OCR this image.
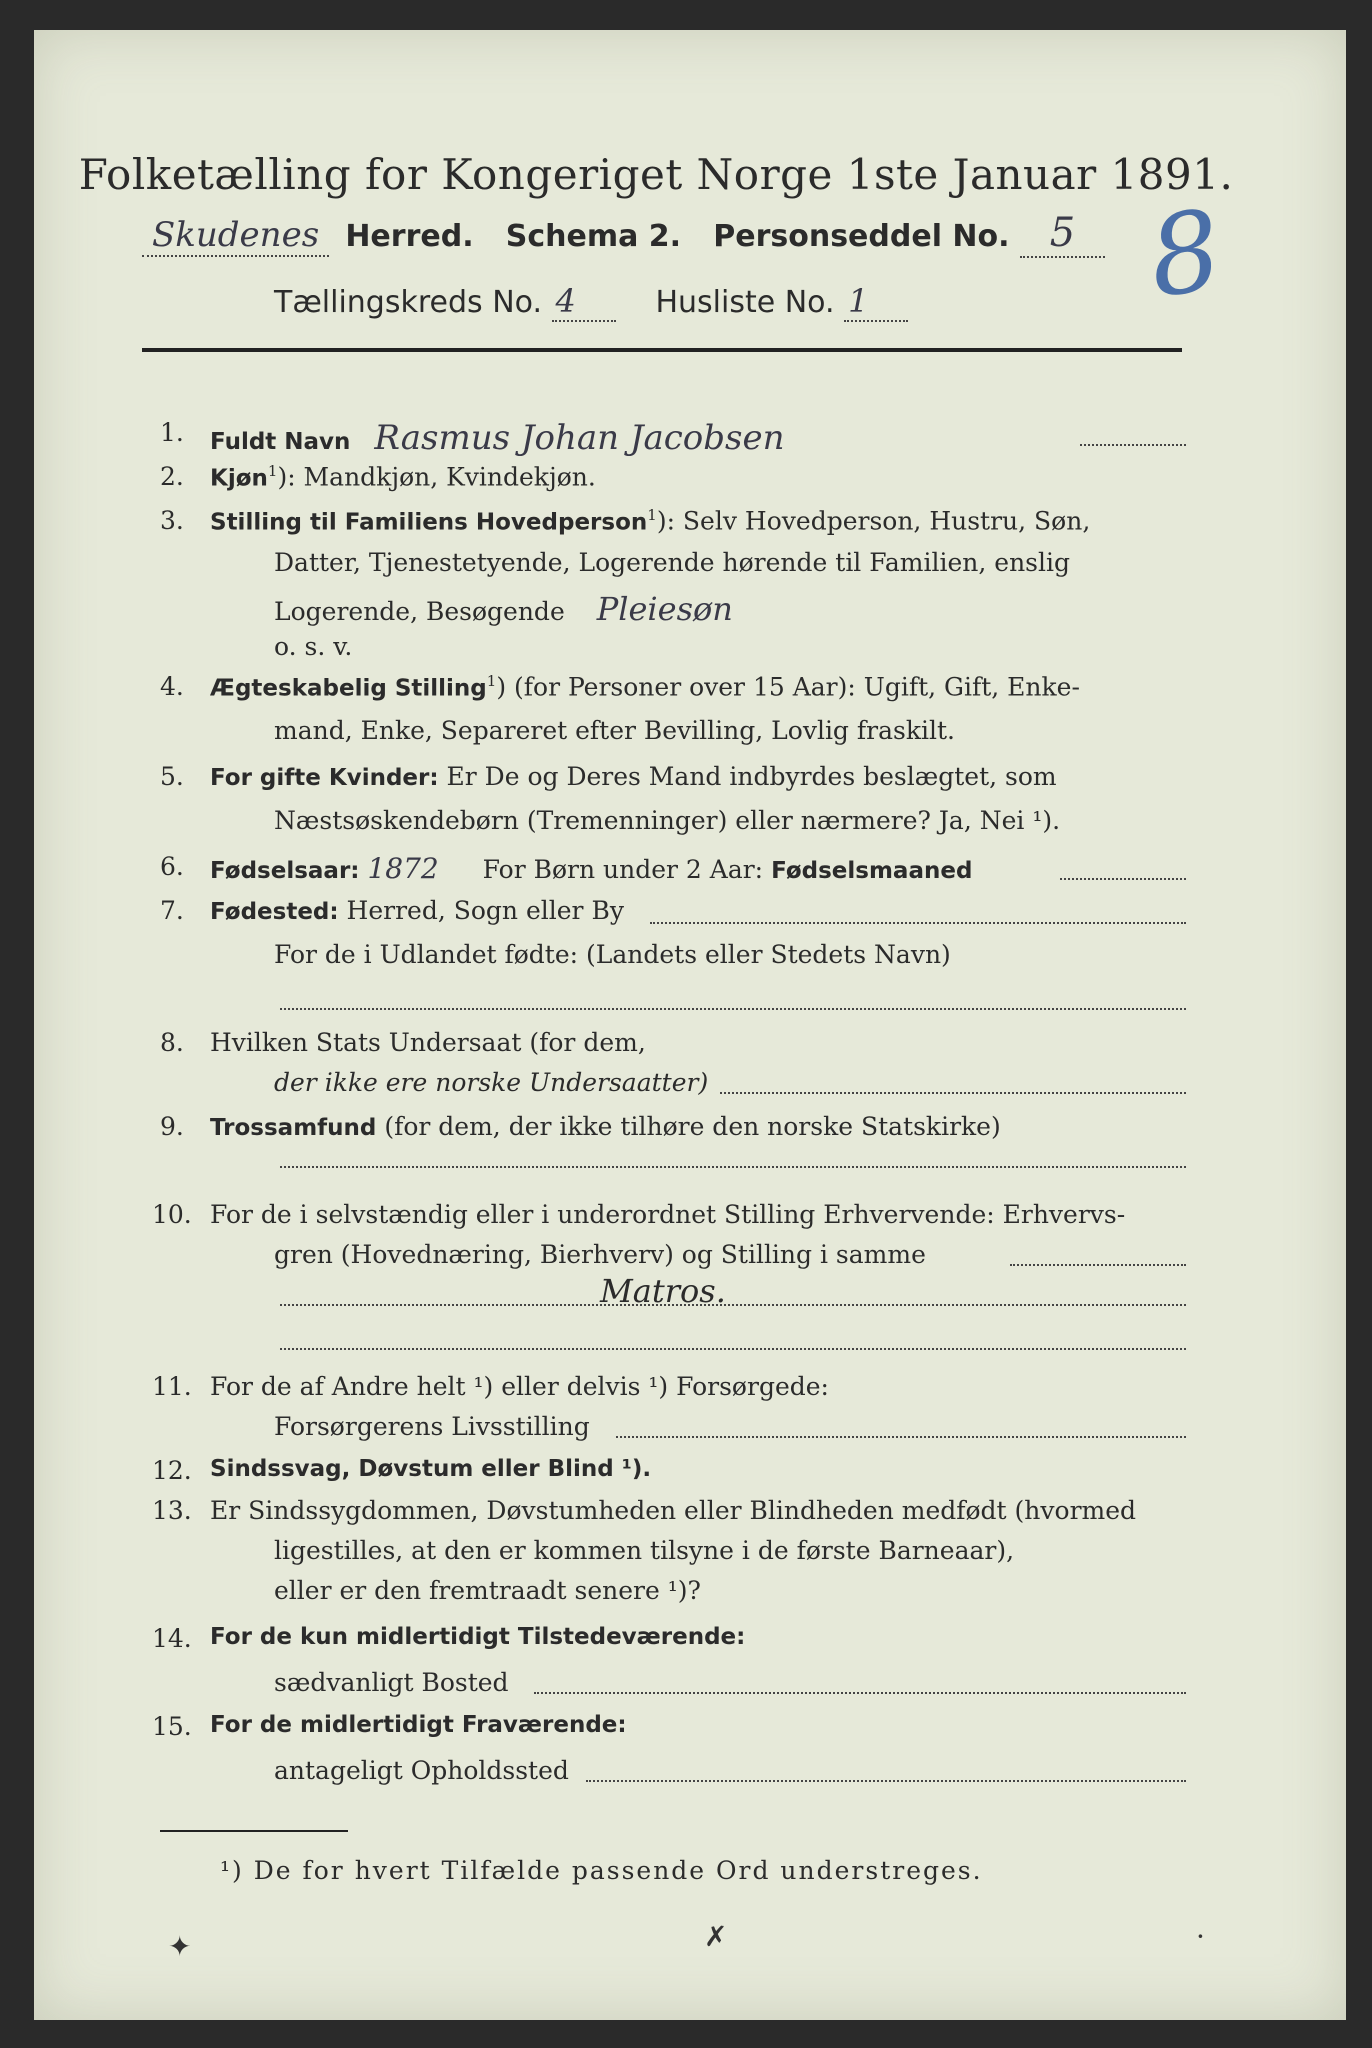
Folketælling for Kongeriget Norge 1ste Januar 1891.
Skudenes Herred. Schema 2. Personseddel No. 5
Tællingskreds No. 4	Husliste No. 1	8
1. Fuldt Navn Rasmus Johan Jacobsen
2. Kjøn$^1$): Mandkjøn, Kvindekjøn.
3. Stilling til Familiens Hovedperson$^1$): Selv Hovedperson, Hustru, Søn,
Datter, Tjenestetyende, Logerende hørende til Familien, enslig
Logerende, Besøgende Pleiesøn
o. s. v.
4. Ægteskabelig Stilling$^1$) (for Personer over 15 Aar): Ugift, Gift, Enke-
mand, Enke, Separeret efter Bevilling, Lovlig fraskilt.
5. For gifte Kvinder: Er De og Deres Mand indbyrdes beslægtet, som
Næstsøskendebørn (Tremenninger) eller nærmere? Ja, Nei ¹).
6. Fødselsaar: 1872 For Børn under 2 Aar: Fødselsmaaned
7. Fødested: Herred, Sogn eller By
For de i Udlandet fødte: (Landets eller Stedets Navn)
8. Hvilken Stats Undersaat (for dem,
der ikke ere norske Undersaatter)
9. Trossamfund (for dem, der ikke tilhøre den norske Statskirke)
10. For de i selvstændig eller i underordnet Stilling Erhvervende: Erhvervs-
gren (Hovednæring, Bierhverv) og Stilling i samme
Matros.
11. For de af Andre helt ¹) eller delvis ¹) Forsørgede:
Forsørgerens Livsstilling
12. Sindssvag, Døvstum eller Blind ¹).
13. Er Sindssygdommen, Døvstumheden eller Blindheden medfødt (hvormed
ligestilles, at den er kommen tilsyne i de første Barneaar),
eller er den fremtraadt senere ¹)?
14. For de kun midlertidigt Tilstedeværende:
sædvanligt Bosted
15. For de midlertidigt Fraværende:
antageligt Opholdssted
¹) De for hvert Tilfælde passende Ord understreges.
✦	✗	·
